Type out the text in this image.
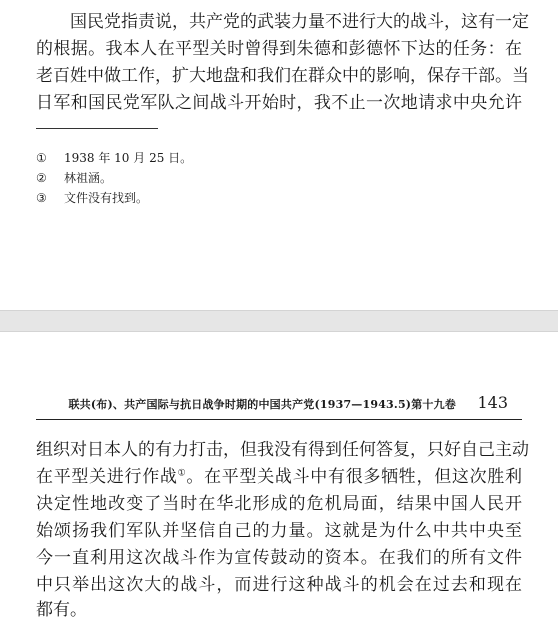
国民党指责说，共产党的武装力量不进行大的战斗，这有一定
的根据。我本人在平型关时曾得到朱德和彭德怀下达的任务：在
老百姓中做工作，扩大地盘和我们在群众中的影响，保存干部。当
日军和国民党军队之间战斗开始时，我不止一次地请求中央允许
① 1938 年 10 月 25 日。
② 林祖涵。
③ 文件没有找到。
联共(布)、共产国际与抗日战争时期的中国共产党(1937—1943.5)第十九卷 143
组织对日本人的有力打击，但我没有得到任何答复，只好自己主动
在平型关进行作战①。在平型关战斗中有很多牺牲，但这次胜利
决定性地改变了当时在华北形成的危机局面，结果中国人民开
始颂扬我们军队并坚信自己的力量。这就是为什么中共中央至
今一直利用这次战斗作为宣传鼓动的资本。在我们的所有文件
中只举出这次大的战斗，而进行这种战斗的机会在过去和现在
都有。
